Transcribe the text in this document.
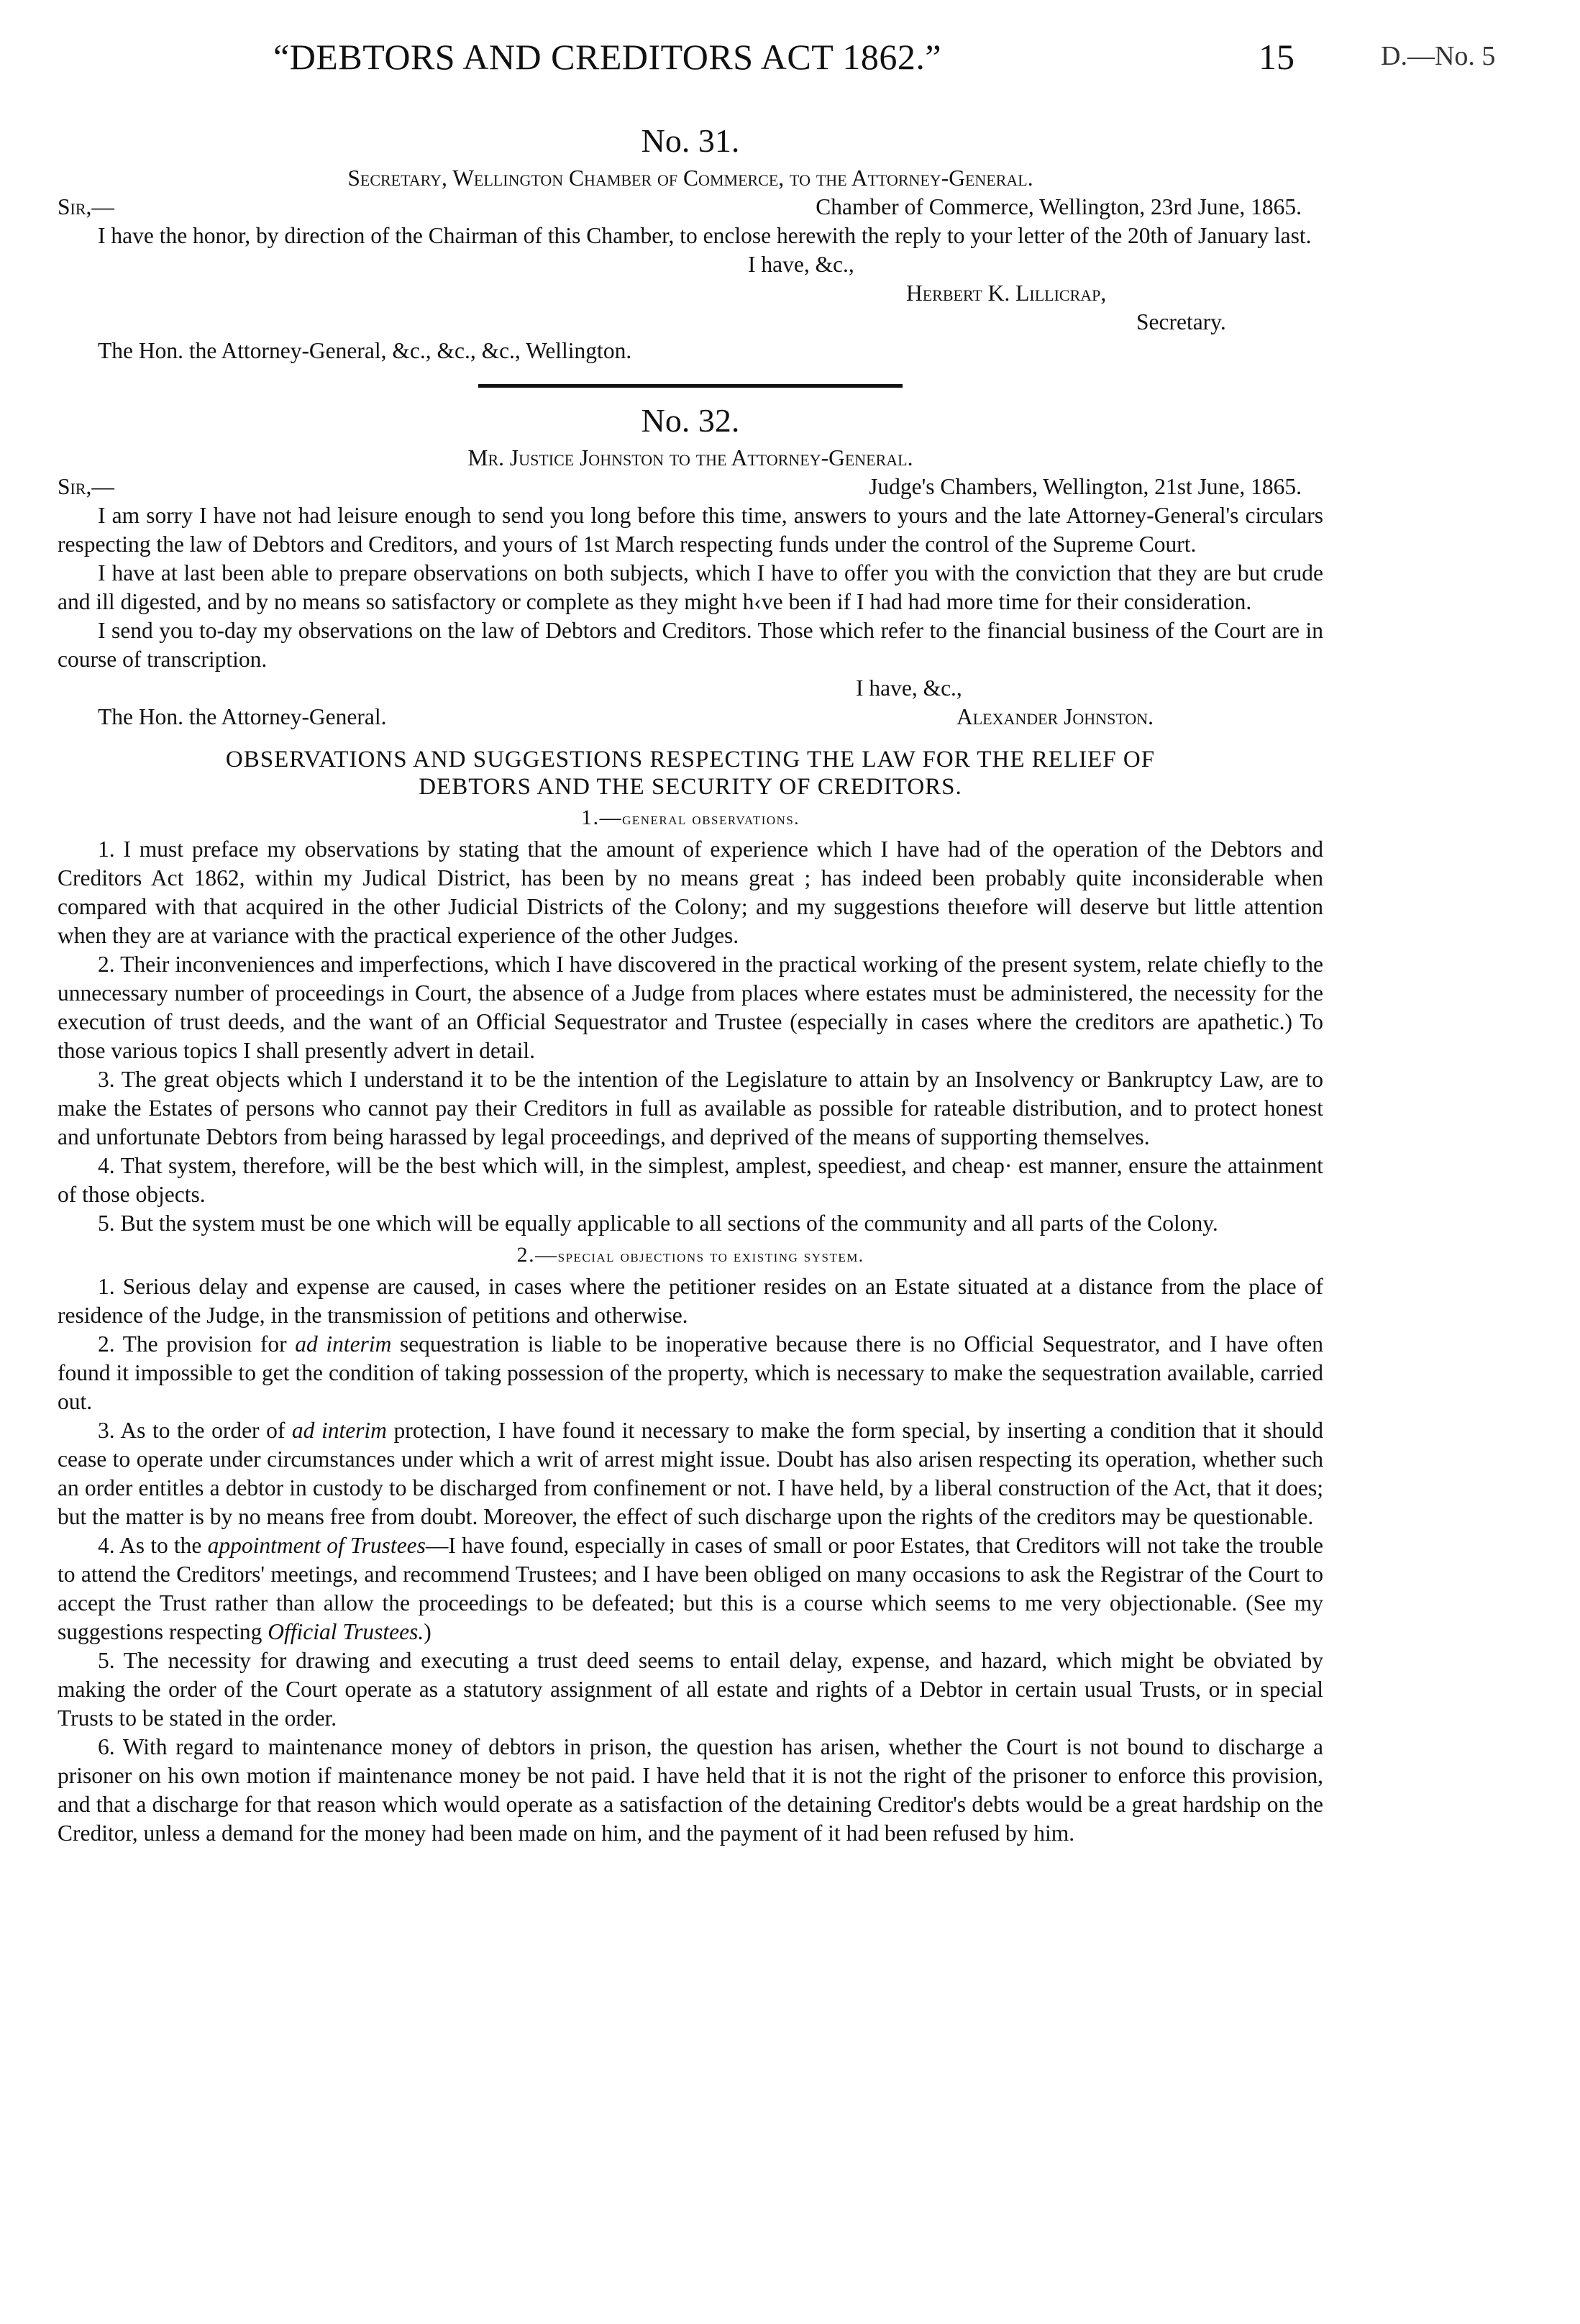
“DEBTORS AND CREDITORS ACT 1862.”	15	D.—No. 5
No. 31.
Secretary, Wellington Chamber of Commerce, to the Attorney-General.
Sir,—	Chamber of Commerce, Wellington, 23rd June, 1865.

I have the honor, by direction of the Chairman of this Chamber, to enclose herewith the reply to your letter of the 20th of January last.

I have, &c.,
Herbert K. Lillicrap,
Secretary.
The Hon. the Attorney-General, &c., &c., &c., Wellington.
No. 32.
Mr. Justice Johnston to the Attorney-General.
Sir,—	Judge's Chambers, Wellington, 21st June, 1865.

I am sorry I have not had leisure enough to send you long before this time, answers to yours and the late Attorney-General's circulars respecting the law of Debtors and Creditors, and yours of 1st March respecting funds under the control of the Supreme Court.

I have at last been able to prepare observations on both subjects, which I have to offer you with the conviction that they are but crude and ill digested, and by no means so satisfactory or complete as they might h‹ve been if I had had more time for their consideration.

I send you to-day my observations on the law of Debtors and Creditors. Those which refer to the financial business of the Court are in course of transcription.

I have, &c.,
The Hon. the Attorney-General.	Alexander Johnston.
OBSERVATIONS AND SUGGESTIONS RESPECTING THE LAW FOR THE RELIEF OF
DEBTORS AND THE SECURITY OF CREDITORS.
1.—general observations.

1. I must preface my observations by stating that the amount of experience which I have had of the operation of the Debtors and Creditors Act 1862, within my Judical District, has been by no means great ; has indeed been probably quite inconsiderable when compared with that acquired in the other Judicial Districts of the Colony; and my suggestions theıefore will deserve but little attention when they are at variance with the practical experience of the other Judges.

2. Their inconveniences and imperfections, which I have discovered in the practical working of the present system, relate chiefly to the unnecessary number of proceedings in Court, the absence of a Judge from places where estates must be administered, the necessity for the execution of trust deeds, and the want of an Official Sequestrator and Trustee (especially in cases where the creditors are apathetic.) To those various topics I shall presently advert in detail.

3. The great objects which I understand it to be the intention of the Legislature to attain by an Insolvency or Bankruptcy Law, are to make the Estates of persons who cannot pay their Creditors in full as available as possible for rateable distribution, and to protect honest and unfortunate Debtors from being harassed by legal proceedings, and deprived of the means of supporting themselves.

4. That system, therefore, will be the best which will, in the simplest, amplest, speediest, and cheap· est manner, ensure the attainment of those objects.

5. But the system must be one which will be equally applicable to all sections of the community and all parts of the Colony.

2.—special objections to existing system.

1. Serious delay and expense are caused, in cases where the petitioner resides on an Estate situated at a distance from the place of residence of the Judge, in the transmission of petitions and otherwise.

2. The provision for ad interim sequestration is liable to be inoperative because there is no Official Sequestrator, and I have often found it impossible to get the condition of taking possession of the property, which is necessary to make the sequestration available, carried out.

3. As to the order of ad interim protection, I have found it necessary to make the form special, by inserting a condition that it should cease to operate under circumstances under which a writ of arrest might issue. Doubt has also arisen respecting its operation, whether such an order entitles a debtor in custody to be discharged from confinement or not. I have held, by a liberal construction of the Act, that it does; but the matter is by no means free from doubt. Moreover, the effect of such discharge upon the rights of the creditors may be questionable.

4. As to the appointment of Trustees—I have found, especially in cases of small or poor Estates, that Creditors will not take the trouble to attend the Creditors' meetings, and recommend Trustees; and I have been obliged on many occasions to ask the Registrar of the Court to accept the Trust rather than allow the proceedings to be defeated; but this is a course which seems to me very objectionable. (See my suggestions respecting Official Trustees.)

5. The necessity for drawing and executing a trust deed seems to entail delay, expense, and hazard, which might be obviated by making the order of the Court operate as a statutory assignment of all estate and rights of a Debtor in certain usual Trusts, or in special Trusts to be stated in the order.

6. With regard to maintenance money of debtors in prison, the question has arisen, whether the Court is not bound to discharge a prisoner on his own motion if maintenance money be not paid. I have held that it is not the right of the prisoner to enforce this provision, and that a discharge for that reason which would operate as a satisfaction of the detaining Creditor's debts would be a great hardship on the Creditor, unless a demand for the money had been made on him, and the payment of it had been refused by him.
